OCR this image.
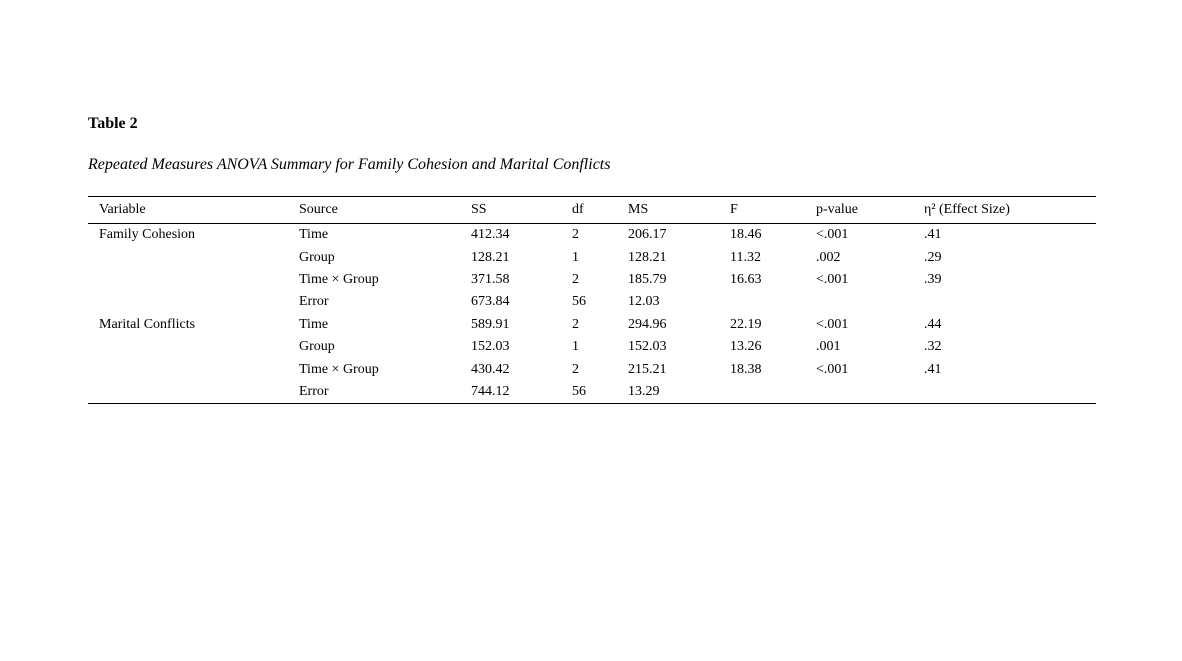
Table 2

Repeated Measures ANOVA Summary for Family Cohesion and Marital Conflicts

Variable	Source	SS	df	MS	F	p-value	η² (Effect Size)
Family Cohesion	Time	412.34	2	206.17	18.46	<.001	.41
	Group	128.21	1	128.21	11.32	.002	.29
	Time × Group	371.58	2	185.79	16.63	<.001	.39
	Error	673.84	56	12.03			
Marital Conflicts	Time	589.91	2	294.96	22.19	<.001	.44
	Group	152.03	1	152.03	13.26	.001	.32
	Time × Group	430.42	2	215.21	18.38	<.001	.41
	Error	744.12	56	13.29			
